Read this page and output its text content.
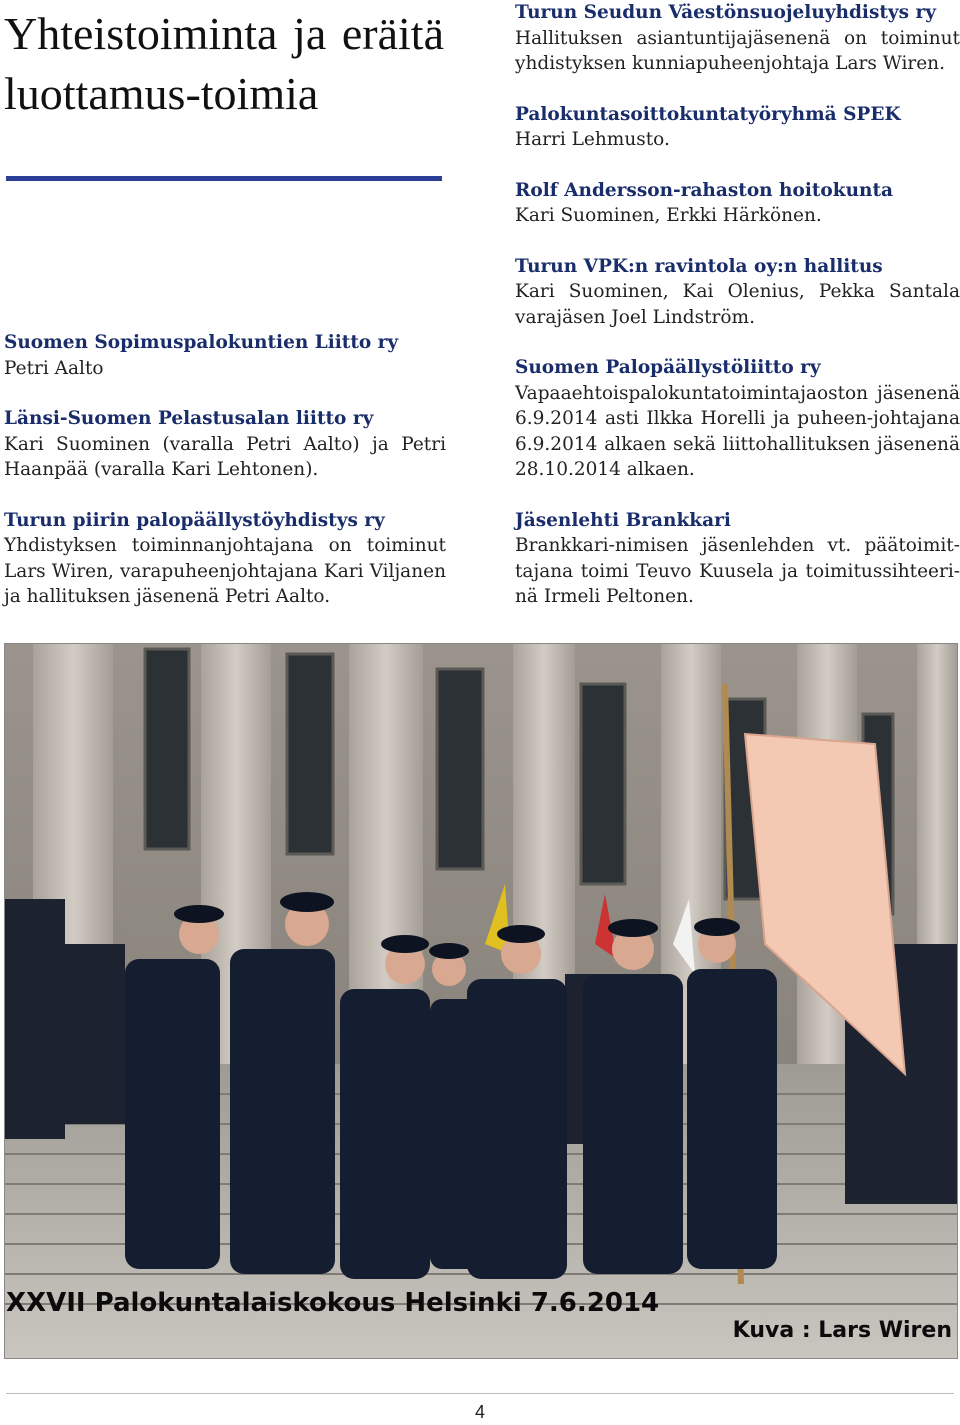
Yhteistoiminta ja eräitä luottamus-toimia
Suomen Sopimuspalokuntien Liitto ry

Petri Aalto

Länsi-Suomen Pelastusalan liitto ry

Kari Suominen (varalla Petri Aalto) ja Petri Haanpää (varalla Kari Lehtonen).

Turun piirin palopäällystöyhdistys ry

Yhdistyksen toiminnanjohtajana on toiminut Lars Wiren, varapuheenjohtajana Kari Viljanen ja hallituksen jäsenenä Petri Aalto.

Turun Seudun Väestönsuojeluyhdistys ry

Hallituksen asiantuntijajäsenenä on toiminut yhdistyksen kunniapuheenjohtaja Lars Wiren.

Palokuntasoittokuntatyöryhmä SPEK

Harri Lehmusto.

Rolf Andersson-rahaston hoitokunta

Kari Suominen, Erkki Härkönen.

Turun VPK:n ravintola oy:n hallitus

Kari Suominen, Kai Olenius, Pekka Santala varajäsen Joel Lindström.

Suomen Palopäällystöliitto ry

Vapaaehtoispalokuntatoimintajaoston jäsenenä 6.9.2014 asti Ilkka Horelli ja puheen-johtajana 6.9.2014 alkaen sekä liittohallituksen jäsenenä 28.10.2014 alkaen.

Jäsenlehti Brankkari

Brankkari-nimisen jäsenlehden vt. päätoimit-tajana toimi Teuvo Kuusela ja toimitussihteeri-nä Irmeli Peltonen.

XXVII Palokuntalaiskokous Helsinki 7.6.2014

Kuva : Lars Wiren

4
